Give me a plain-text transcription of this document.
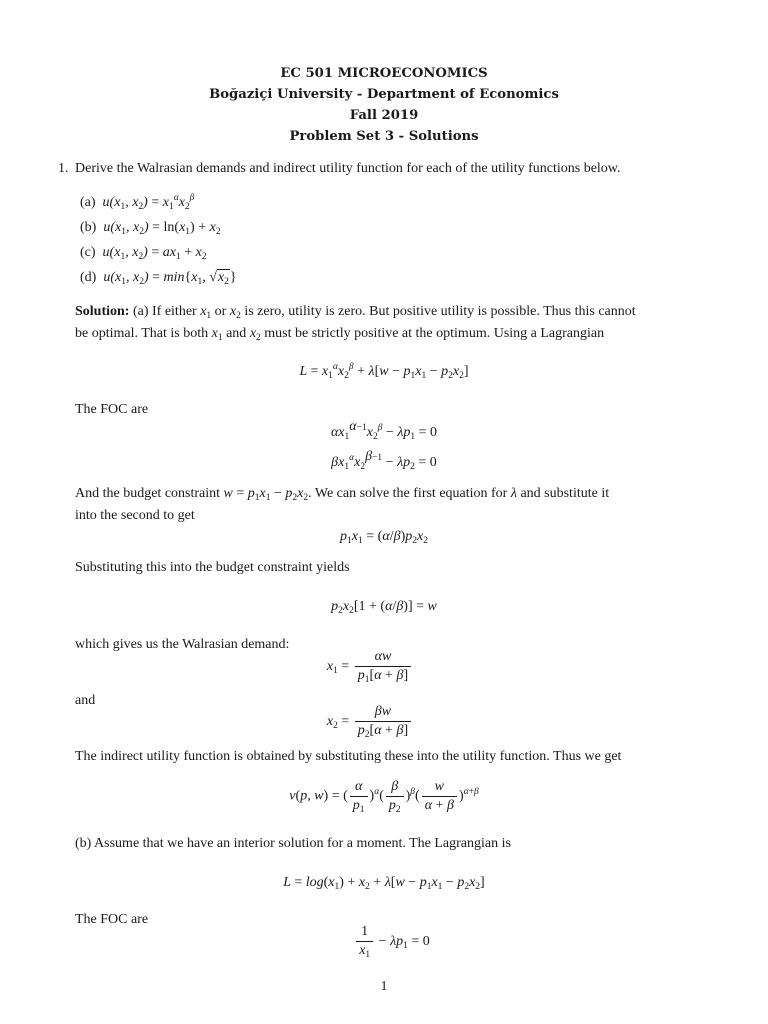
EC 501 MICROECONOMICS
Boğaziçi University - Department of Economics
Fall 2019
Problem Set 3 - Solutions
1. Derive the Walrasian demands and indirect utility function for each of the utility functions below.
(a)  $u(x_1$, $x_2) = x_1^\alpha x_2^\beta$
(b)  $u(x_1$, $x_2) = \ln(x_1) + x_2$
(c)  $u(x_1$, $x_2) = ax_1 + x_2$
(d)  $u(x_1$, $x_2) = \min\{x_1$, $√x_2$}
Solution: (a) If either $x_1$ or $x_2$ is zero, utility is zero. But positive utility is possible. Thus this cannot
be optimal. That is both $x_1$ and $x_2$ must be strictly positive at the optimum. Using a Lagrangian
$L = x_1^\alpha x_2^\beta + \lambda[w - p_1x_1 - p_2x_2]$
The FOC are
$\alpha x_1^{\alpha-1}x_2^\beta - \lambda p_1 = 0$
$\beta x_1^\alpha x_2^{\beta-1} - \lambda p_2 = 0$
And the budget constraint $w = p_1x_1 - p_2x_2$. We can solve the first equation for λ and substitute it
into the second to get
$p_1x_1 = (\alpha/\beta)p_2x_2$
Substituting this into the budget constraint yields
$p_2x_2[1 + (\alpha/\beta)] = w$
which gives us the Walrasian demand:
$x_1 = \frac{\alpha w}{p_1[\alpha + \beta]}$
and
$x_2 = \frac{\beta w}{p_2[\alpha + \beta]}$
The indirect utility function is obtained by substituting these into the utility function. Thus we get
v(p, w) = ( $\frac{\alpha}{p_1} )^\alpha( \frac{\beta}{p_2} )^\beta( \frac{w}{\alpha + \beta} )^{\alpha+\beta}$
(b) Assume that we have an interior solution for a moment. The Lagrangian is
$L = \log(x_1) + x_2 + \lambda[w - p_1x_1 - p_2x_2]$
The FOC are
$\frac{1}{x_1} - \lambda p_1 = 0$
1
